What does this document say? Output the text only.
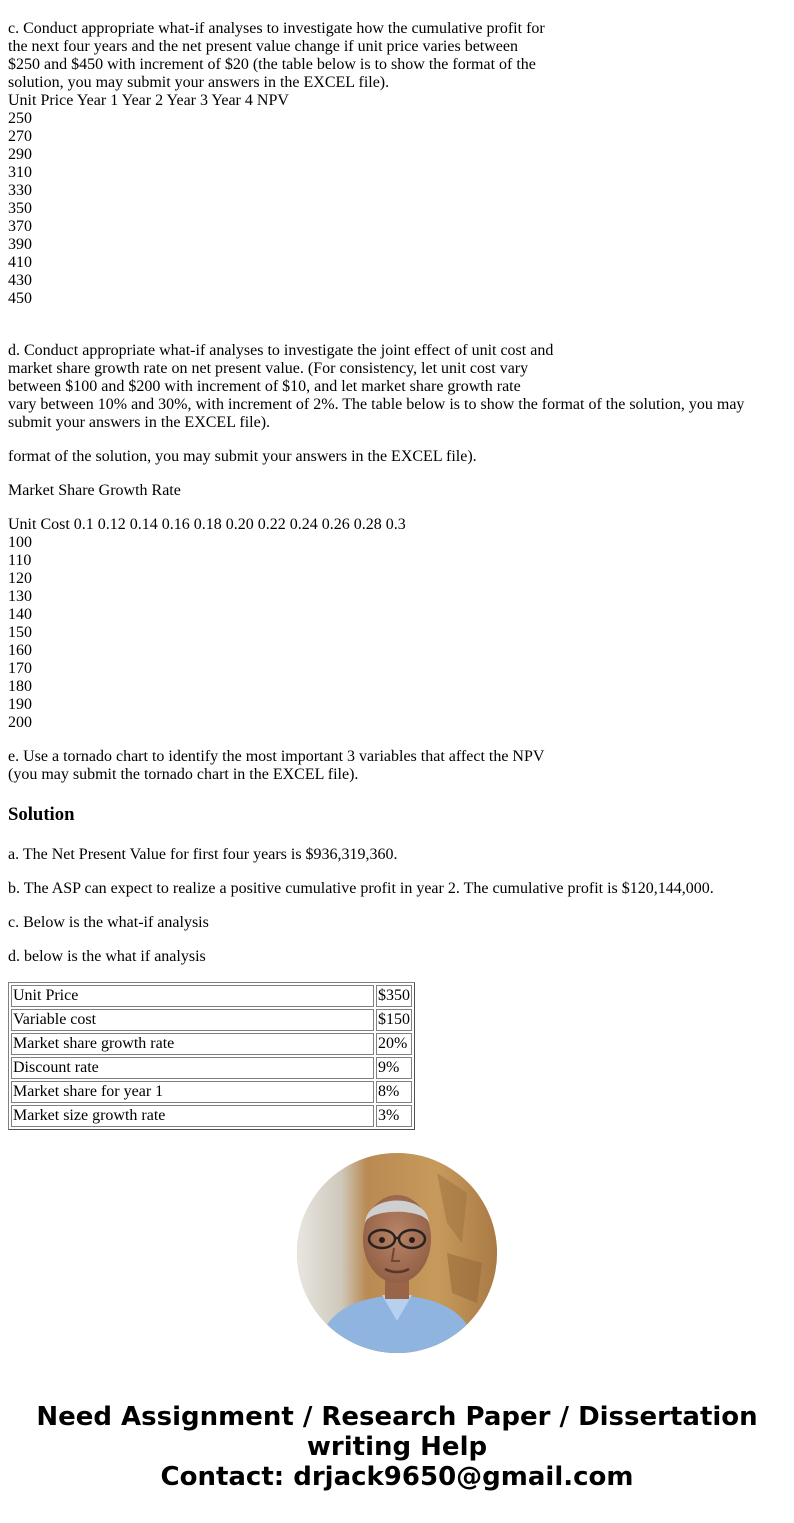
c. Conduct appropriate what-if analyses to investigate how the cumulative profit for
the next four years and the net present value change if unit price varies between
$250 and $450 with increment of $20 (the table below is to show the format of the
solution, you may submit your answers in the EXCEL file).
Unit Price Year 1 Year 2 Year 3 Year 4 NPV
250
270
290
310
330
350
370
390
410
430
450
d. Conduct appropriate what-if analyses to investigate the joint effect of unit cost and
market share growth rate on net present value. (For consistency, let unit cost vary
between $100 and $200 with increment of $10, and let market share growth rate
vary between 10% and 30%, with increment of 2%. The table below is to show the format of the solution, you may
submit your answers in the EXCEL file).
format of the solution, you may submit your answers in the EXCEL file).
Market Share Growth Rate
Unit Cost 0.1 0.12 0.14 0.16 0.18 0.20 0.22 0.24 0.26 0.28 0.3
100
110
120
130
140
150
160
170
180
190
200
e. Use a tornado chart to identify the most important 3 variables that affect the NPV
(you may submit the tornado chart in the EXCEL file).
Solution
a. The Net Present Value for first four years is $936,319,360.
b. The ASP can expect to realize a positive cumulative profit in year 2. The cumulative profit is $120,144,000.
c. Below is the what-if analysis
d. below is the what if analysis
Unit Price	$350
Variable cost	$150
Market share growth rate	20%
Discount rate	9%
Market share for year 1	8%
Market size growth rate	3%
Need Assignment / Research Paper / Dissertation
writing Help
Contact: drjack9650@gmail.com
